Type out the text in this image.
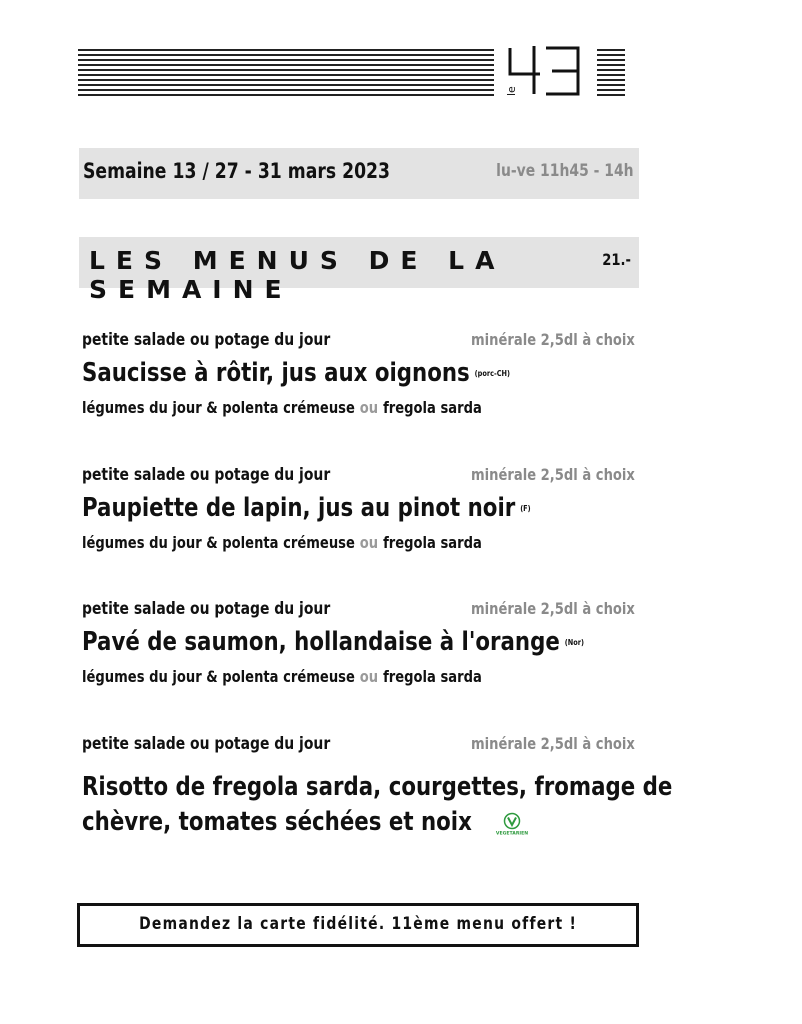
le
Semaine 13 / 27 - 31 mars 2023	lu-ve 11h45 - 14h
LES MENUS DE LA SEMAINE
21.-
petite salade ou potage du jour	minérale 2,5dl à choix
Saucisse à rôtir, jus aux oignons (porc-CH)
légumes du jour & polenta crémeuse ou fregola sarda
petite salade ou potage du jour	minérale 2,5dl à choix
Paupiette de lapin, jus au pinot noir (F)
légumes du jour & polenta crémeuse ou fregola sarda
petite salade ou potage du jour	minérale 2,5dl à choix
Pavé de saumon, hollandaise à l'orange (Nor)
légumes du jour & polenta crémeuse ou fregola sarda
petite salade ou potage du jour	minérale 2,5dl à choix
Risotto de fregola sarda, courgettes, fromage de
chèvre, tomates séchées et noix	VEGETARIEN
Demandez la carte fidélité. 11ème menu offert !
